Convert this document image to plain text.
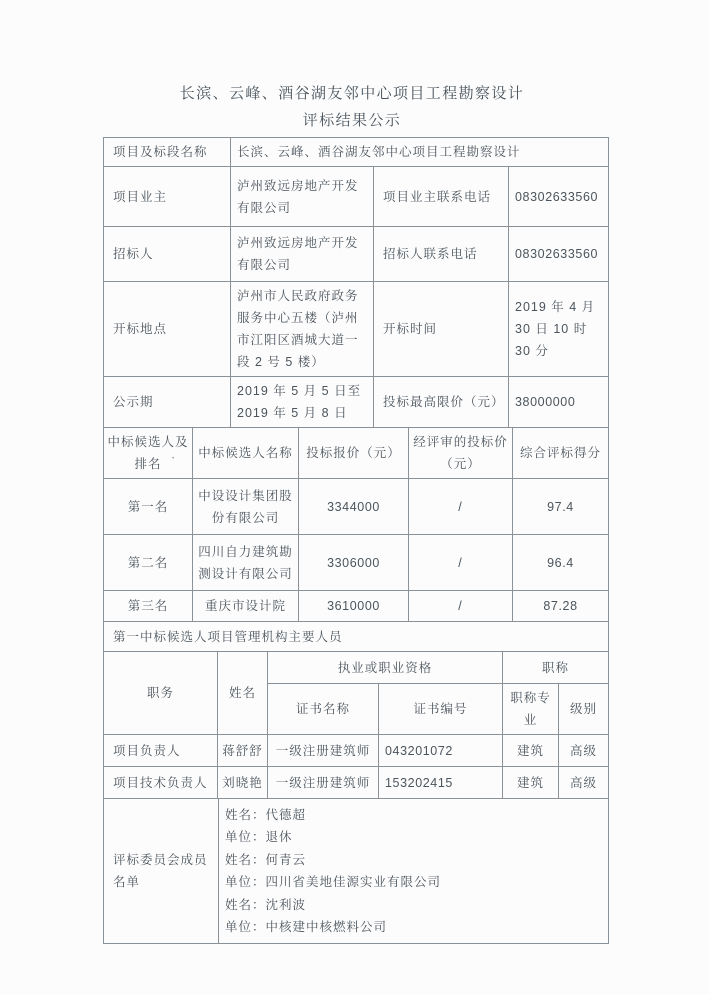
长滨、云峰、酒谷湖友邻中心项目工程勘察设计
评标结果公示
项目及标段名称	长滨、云峰、酒谷湖友邻中心项目工程勘察设计		
项目业主	泸州致远房地产开发有限公司	项目业主联系电话	08302633560
招标人	泸州致远房地产开发有限公司	招标人联系电话	08302633560
开标地点	泸州市人民政府政务服务中心五楼（泸州市江阳区酒城大道一段 2 号 5 楼）	开标时间	2019 年 4 月 30 日 10 时 30 分
公示期	2019 年 5 月 5 日至 2019 年 5 月 8 日	投标最高限价（元）	38000000
中标候选人及排名 ˋ	中标候选人名称	投标报价（元）	经评审的投标价（元）	综合评标得分
第一名	中设设计集团股份有限公司	3344000	/	97.4
第二名	四川自力建筑勘测设计有限公司	3306000	/	96.4
第三名	重庆市设计院	3610000	/	87.28
第一中标候选人项目管理机构主要人员
职务	姓名	执业或职业资格		职称	
		证书名称	证书编号	职称专业	级别
项目负责人	蒋舒舒	一级注册建筑师	043201072	建筑	高级
项目技术负责人	刘晓艳	一级注册建筑师	153202415	建筑	高级
评标委员会成员名单	
姓名：代德超
单位：退休
姓名：何青云
单位：四川省美地佳源实业有限公司
姓名：沈利波
单位：中核建中核燃料公司
